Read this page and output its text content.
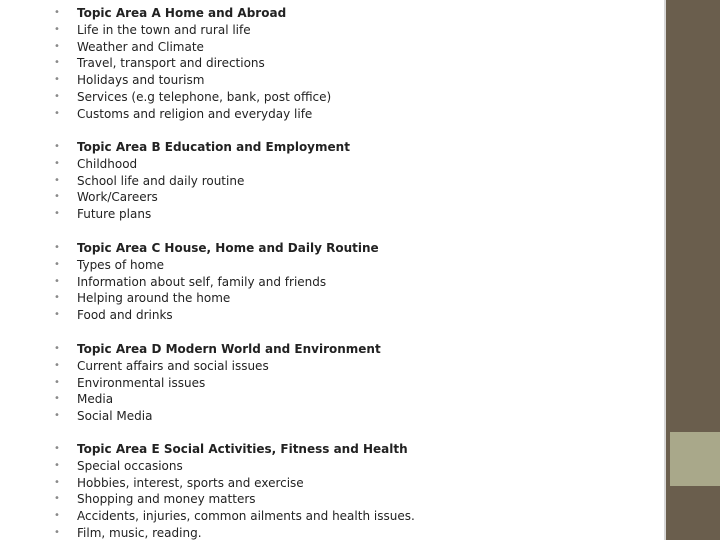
• Topic Area A Home and Abroad
• Life in the town and rural life
• Weather and Climate
• Travel, transport and directions
• Holidays and tourism
• Services (e.g telephone, bank, post office)
• Customs and religion and everyday life
• Topic Area B Education and Employment
• Childhood
• School life and daily routine
• Work/Careers
• Future plans
• Topic Area C House, Home and Daily Routine
• Types of home
• Information about self, family and friends
• Helping around the home
• Food and drinks
• Topic Area D Modern World and Environment
• Current affairs and social issues
• Environmental issues
• Media
• Social Media
• Topic Area E Social Activities, Fitness and Health
• Special occasions
• Hobbies, interest, sports and exercise
• Shopping and money matters
• Accidents, injuries, common ailments and health issues.
• Film, music, reading.
